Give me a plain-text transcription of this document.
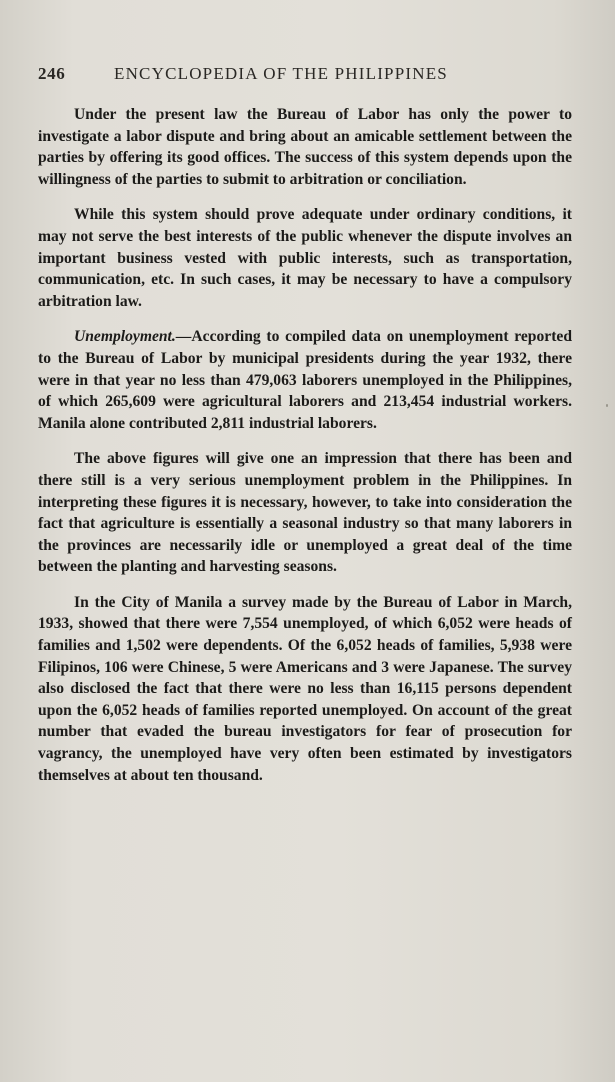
246	ENCYCLOPEDIA OF THE PHILIPPINES

Under the present law the Bureau of Labor has only the power to investigate a labor dispute and bring about an amicable settlement between the parties by offering its good offices. The success of this system depends upon the willingness of the parties to submit to arbitration or conciliation.

While this system should prove adequate under ordinary conditions, it may not serve the best interests of the public whenever the dispute involves an important business vested with public interests, such as transportation, communication, etc. In such cases, it may be necessary to have a compulsory arbitration law.

Unemployment.—According to compiled data on unemployment reported to the Bureau of Labor by municipal presidents during the year 1932, there were in that year no less than 479,063 laborers unemployed in the Philippines, of which 265,609 were agricultural laborers and 213,454 industrial workers. Manila alone contributed 2,811 industrial laborers.

The above figures will give one an impression that there has been and there still is a very serious unemployment problem in the Philippines. In interpreting these figures it is necessary, however, to take into consideration the fact that agriculture is essentially a seasonal industry so that many laborers in the provinces are necessarily idle or unemployed a great deal of the time between the planting and harvesting seasons.

In the City of Manila a survey made by the Bureau of Labor in March, 1933, showed that there were 7,554 unemployed, of which 6,052 were heads of families and 1,502 were dependents. Of the 6,052 heads of families, 5,938 were Filipinos, 106 were Chinese, 5 were Americans and 3 were Japanese. The survey also disclosed the fact that there were no less than 16,115 persons dependent upon the 6,052 heads of families reported unemployed. On account of the great number that evaded the bureau investigators for fear of prosecution for vagrancy, the unemployed have very often been estimated by investigators themselves at about ten thousand.
